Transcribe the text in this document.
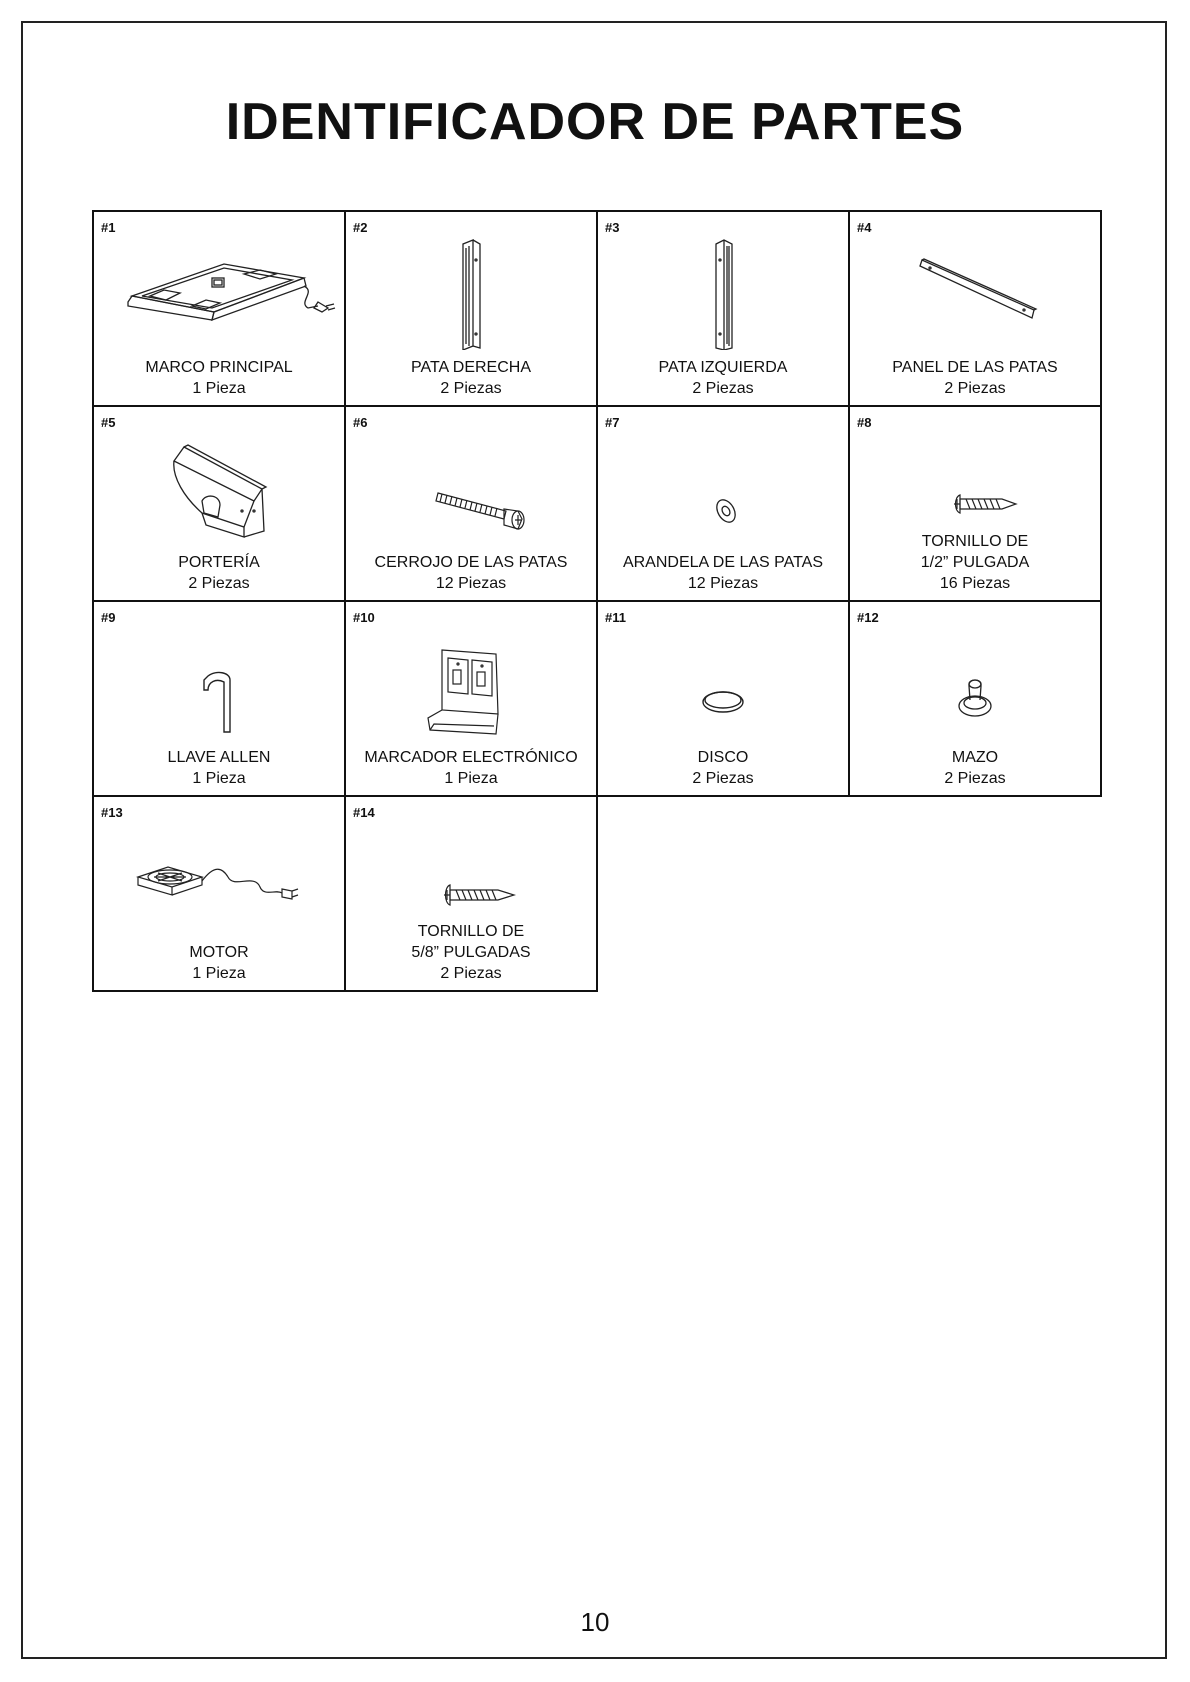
IDENTIFICADOR DE PARTES
#1
MARCO PRINCIPAL
1 Pieza
#2
PATA DERECHA
2 Piezas
#3
PATA IZQUIERDA
2 Piezas
#4
PANEL DE LAS PATAS
2 Piezas
#5
PORTERÍA
2 Piezas
#6
CERROJO DE LAS PATAS
12 Piezas
#7
ARANDELA DE LAS PATAS
12 Piezas
#8
TORNILLO DE
1/2” PULGADA
16 Piezas
#9
LLAVE ALLEN
1 Pieza
#10
MARCADOR ELECTRÓNICO
1 Pieza
#11
DISCO
2 Piezas
#12
MAZO
2 Piezas
#13
MOTOR
1 Pieza
#14
TORNILLO DE
5/8” PULGADAS
2 Piezas
10
